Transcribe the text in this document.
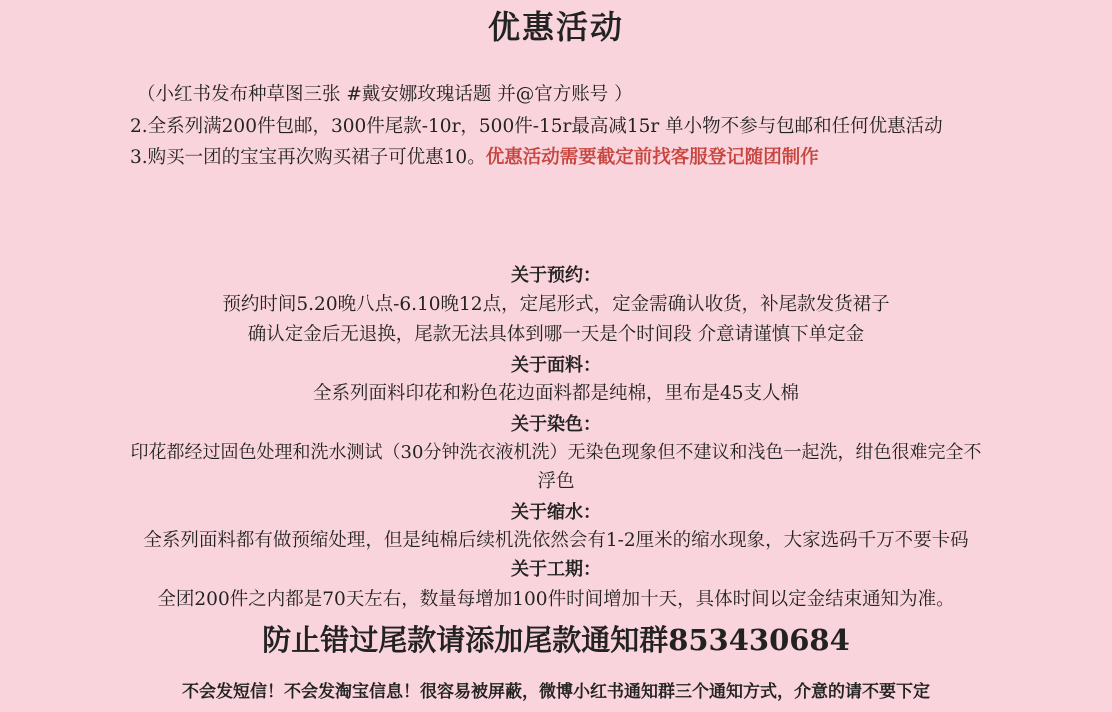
优惠活动
（小红书发布种草图三张 #戴安娜玫瑰话题 并@官方账号 ）
2.全系列满200件包邮，300件尾款-10r，500件-15r最高减15r 单小物不参与包邮和任何优惠活动
3.购买一团的宝宝再次购买裙子可优惠10。优惠活动需要截定前找客服登记随团制作
关于预约：
预约时间5.20晚八点-6.10晚12点，定尾形式，定金需确认收货，补尾款发货裙子
确认定金后无退换，尾款无法具体到哪一天是个时间段 介意请谨慎下单定金
关于面料：
全系列面料印花和粉色花边面料都是纯棉，里布是45支人棉
关于染色：
印花都经过固色处理和洗水测试（30分钟洗衣液机洗）无染色现象但不建议和浅色一起洗，绀色很难完全不
浮色
关于缩水：
全系列面料都有做预缩处理，但是纯棉后续机洗依然会有1-2厘米的缩水现象，大家选码千万不要卡码
关于工期：
全团200件之内都是70天左右，数量每增加100件时间增加十天，具体时间以定金结束通知为准。
防止错过尾款请添加尾款通知群853430684
不会发短信！不会发淘宝信息！很容易被屏蔽，微博小红书通知群三个通知方式，介意的请不要下定
